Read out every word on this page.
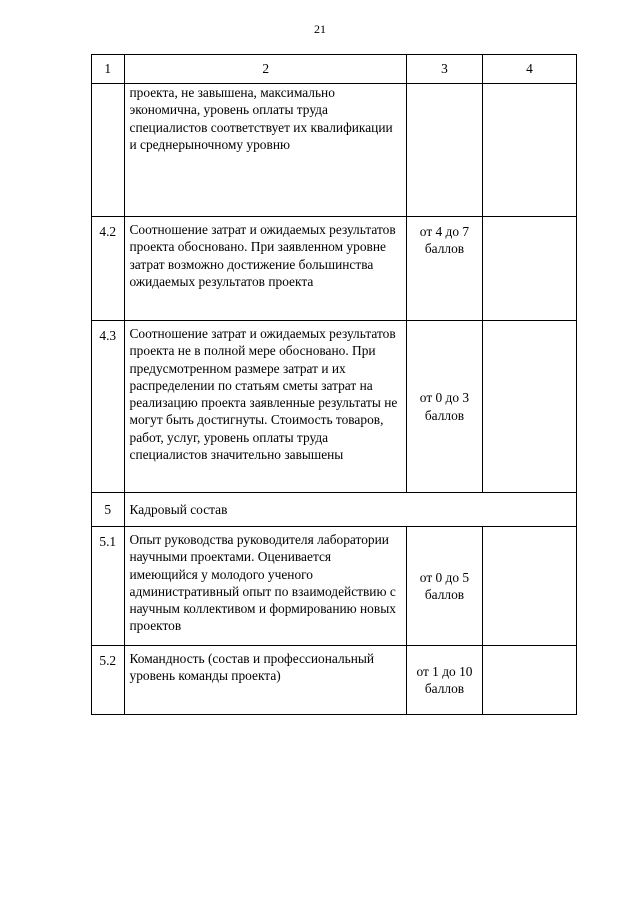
21
1	2	3	4
	проекта, не завышена, максимально экономична, уровень оплаты труда специалистов соответствует их квалификации и среднерыночному уровню		
4.2	Соотношение затрат и ожидаемых результатов проекта обосновано. При заявленном уровне затрат возможно достижение большинства ожидаемых результатов проекта	от 4 до 7 баллов	
4.3	Соотношение затрат и ожидаемых результатов проекта не в полной мере обосновано. При предусмотренном размере затрат и их распределении по статьям сметы затрат на реализацию проекта заявленные результаты не могут быть достигнуты. Стоимость товаров, работ, услуг, уровень оплаты труда специалистов значительно завышены	от 0 до 3 баллов	
5	Кадровый состав		
5.1	Опыт руководства руководителя лаборатории научными проектами. Оценивается имеющийся у молодого ученого административный опыт по взаимодействию с научным коллективом и формированию новых проектов	от 0 до 5 баллов	
5.2	Командность (состав и профессиональный уровень команды проекта)	от 1 до 10 баллов	
